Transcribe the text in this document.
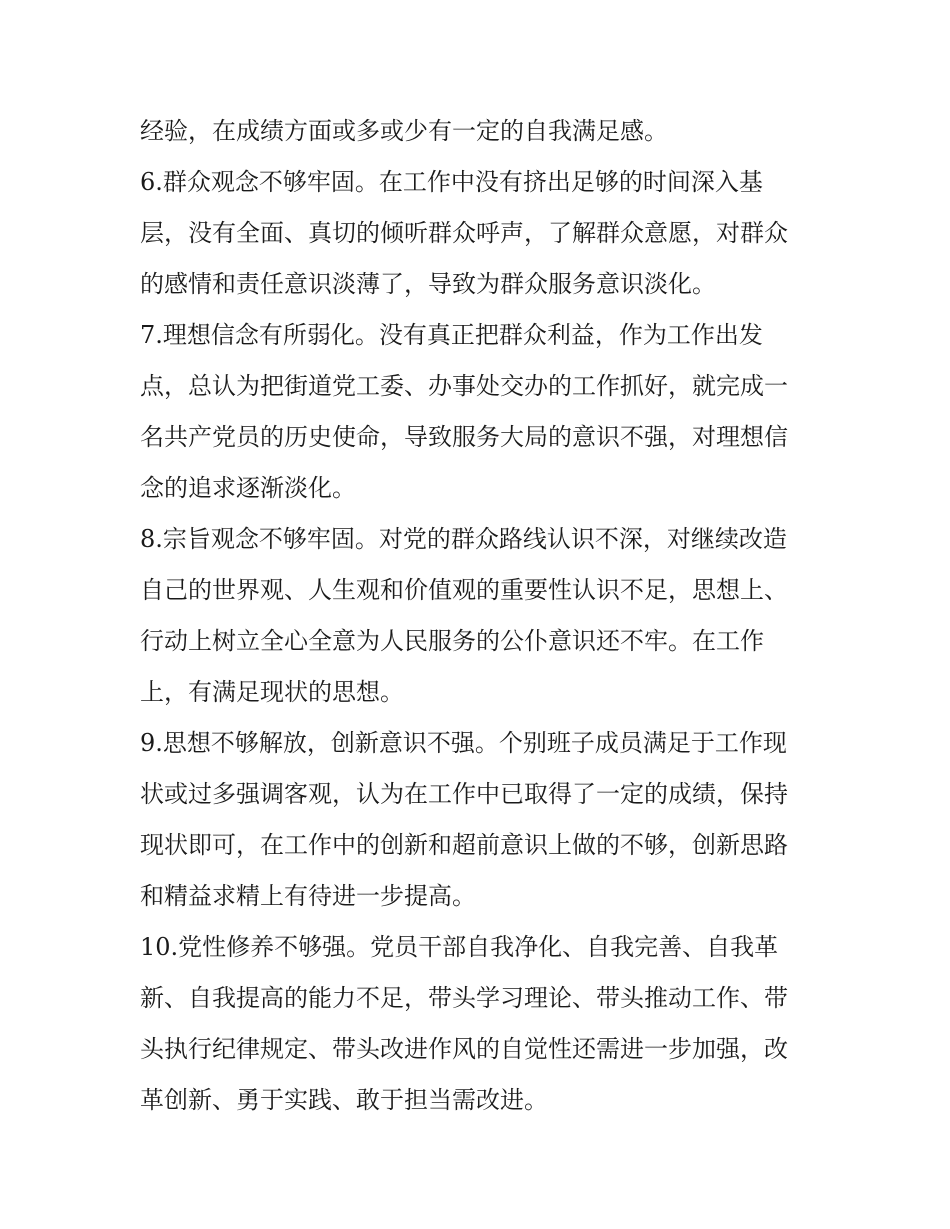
经验，在成绩方面或多或少有一定的自我满足感。
6.群众观念不够牢固。在工作中没有挤出足够的时间深入基
层，没有全面、真切的倾听群众呼声，了解群众意愿，对群众
的感情和责任意识淡薄了，导致为群众服务意识淡化。
7.理想信念有所弱化。没有真正把群众利益，作为工作出发
点，总认为把街道党工委、办事处交办的工作抓好，就完成一
名共产党员的历史使命，导致服务大局的意识不强，对理想信
念的追求逐渐淡化。
8.宗旨观念不够牢固。对党的群众路线认识不深，对继续改造
自己的世界观、人生观和价值观的重要性认识不足，思想上、
行动上树立全心全意为人民服务的公仆意识还不牢。在工作
上，有满足现状的思想。
9.思想不够解放，创新意识不强。个别班子成员满足于工作现
状或过多强调客观，认为在工作中已取得了一定的成绩，保持
现状即可，在工作中的创新和超前意识上做的不够，创新思路
和精益求精上有待进一步提高。
10.党性修养不够强。党员干部自我净化、自我完善、自我革
新、自我提高的能力不足，带头学习理论、带头推动工作、带
头执行纪律规定、带头改进作风的自觉性还需进一步加强，改
革创新、勇于实践、敢于担当需改进。
